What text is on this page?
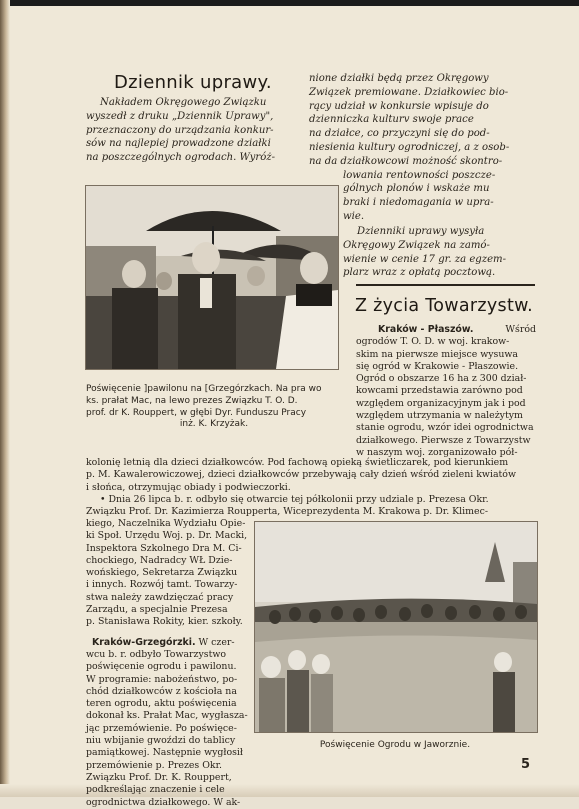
Dziennik uprawy.

Nakładem Okręgowego Związku

wyszedł z druku „Dziennik Uprawy",

przeznaczony do urządzania konkur-

sów na najlepiej prowadzone działki

na poszczególnych ogrodach. Wyróż-

nione działki będą przez Okręgowy

Związek premiowane. Działkowiec bio-

rący udział w konkursie wpisuje do

dzienniczka kulturv swoje prace

na działce, co przyczyni się do pod-

niesienia kultury ogrodniczej, a z osob-

na da działkowcowi możność skontro-

lowania rentowności poszcze-

gólnych plonów i wskaże mu

braki i niedomagania w upra-

wie.

Dzienniki uprawy wysyła

Okręgowy Związek na zamó-

wienie w cenie 17 gr. za egzem-

plarz wraz z opłatą pocztową.

Z życia Towarzystw.

Kraków - Płaszów.	Wśród

ogrodów T. O. D. w woj. krakow-

skim na pierwsze miejsce wysuwa

się ogród w Krakowie - Płaszowie.

Ogród o obszarze 16 ha z 300 dział-

kowcami przedstawia zarówno pod

względem organizacyjnym jak i pod

względem utrzymania w należytym

stanie ogrodu, wzór idei ogrodnictwa

działkowego. Pierwsze z Towarzystw

w naszym woj. zorganizowało pół-

Poświęcenie ]pawilonu na [Grzegórzkach. Na pra wo

ks. prałat Mac, na lewo prezes Związku T. O. D.

prof. dr K. Rouppert, w głębi Dyr. Funduszu Pracy

inż. K. Krzyżak.

kolonię letnią dla dzieci działkowców. Pod fachową opieką świetliczarek, pod kierunkiem

p. M. Kawalerowiczowej, dzieci działkowców przebywają cały dzień wśród zieleni kwiatów

i słońca, otrzymując obiady i podwieczorki.

• Dnia 26 lipca b. r. odbyło się otwarcie tej półkolonii przy udziale p. Prezesa Okr.

Związku Prof. Dr. Kazimierza Roupperta, Wiceprezydenta M. Krakowa p. Dr. Klimec-

kiego, Naczelnika Wydziału Opie-

ki Społ. Urzędu Woj. p. Dr. Macki,

Inspektora Szkolnego Dra M. Ci-

chockiego, Nadradcy WŁ Dzie-

wońskiego, Sekretarza Związku

i innych. Rozwój tamt. Towarzy-

stwa należy zawdzięczać pracy

Zarządu, a specjalnie Prezesa

p. Stanisława Rokity, kier. szkoły.

Kraków-Grzegórzki. W czer-

wcu b. r. odbyło Towarzystwo

poświęcenie ogrodu i pawilonu.

W programie: nabożeństwo, po-

chód działkowców z kościoła na

teren ogrodu, aktu poświęcenia

dokonał ks. Prałat Mac, wygłasza-

jąc przemówienie. Po poświęce-

niu wbijanie gwoździ do tablicy

pamiątkowej. Następnie wygłosił

przemówienie p. Prezes Okr.

Związku Prof. Dr. K. Rouppert,

podkreślając znaczenie i cele

ogrodnictwa działkowego. W ak-

Poświęcenie Ogrodu w Jaworznie.
5
